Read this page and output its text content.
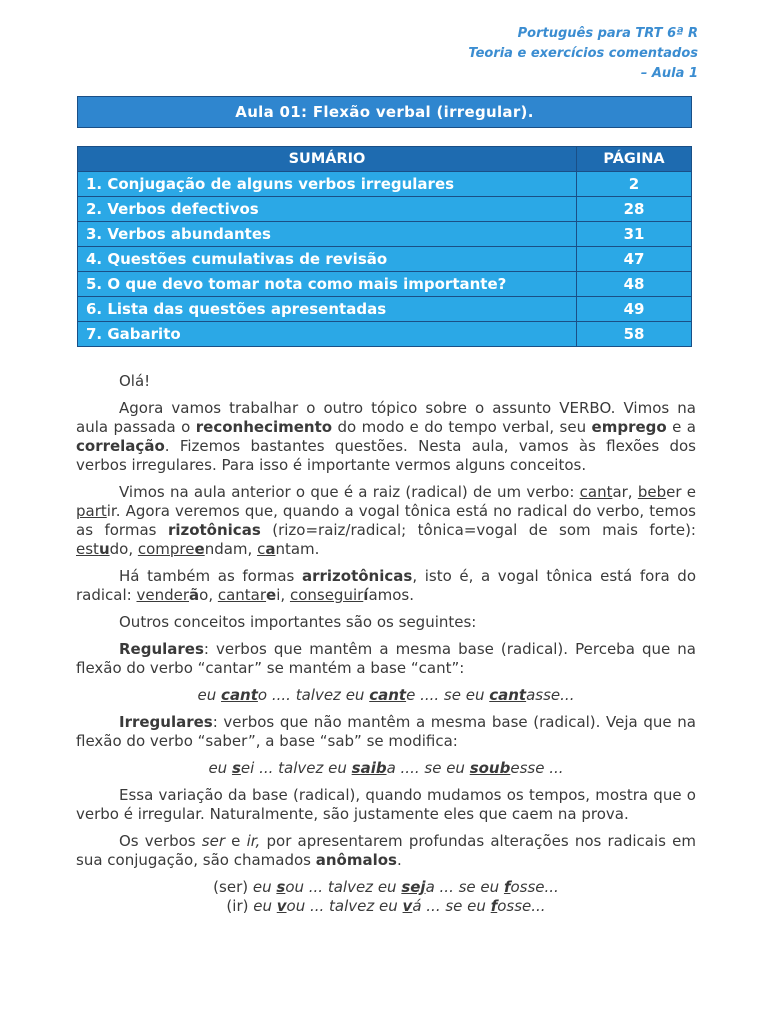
Português para TRT 6ª R
Teoria e exercícios comentados
– Aula 1
Aula 01: Flexão verbal (irregular).
SUMÁRIO	PÁGINA
1. Conjugação de alguns verbos irregulares	2
2. Verbos defectivos	28
3. Verbos abundantes	31
4. Questões cumulativas de revisão	47
5. O que devo tomar nota como mais importante?	48
6. Lista das questões apresentadas	49
7. Gabarito	58

Olá!

Agora vamos trabalhar o outro tópico sobre o assunto VERBO. Vimos na aula passada o reconhecimento do modo e do tempo verbal, seu emprego e a correlação. Fizemos bastantes questões. Nesta aula, vamos às flexões dos verbos irregulares. Para isso é importante vermos alguns conceitos.

Vimos na aula anterior o que é a raiz (radical) de um verbo: cantar, beber e partir. Agora veremos que, quando a vogal tônica está no radical do verbo, temos as formas rizotônicas (rizo=raiz/radical; tônica=vogal de som mais forte): estudo, compreendam, cantam.

Há também as formas arrizotônicas, isto é, a vogal tônica está fora do radical: venderão, cantarei, conseguiríamos.

Outros conceitos importantes são os seguintes:

Regulares: verbos que mantêm a mesma base (radical). Perceba que na flexão do verbo “cantar” se mantém a base “cant”:

eu canto .... talvez eu cante .... se eu cantasse...

Irregulares: verbos que não mantêm a mesma base (radical). Veja que na flexão do verbo “saber”, a base “sab” se modifica:

eu sei ... talvez eu saiba .... se eu soubesse ...

Essa variação da base (radical), quando mudamos os tempos, mostra que o verbo é irregular. Naturalmente, são justamente eles que caem na prova.

Os verbos ser e ir, por apresentarem profundas alterações nos radicais em sua conjugação, são chamados anômalos.

(ser) eu sou ... talvez eu seja ... se eu fosse...

(ir) eu vou ... talvez eu vá ... se eu fosse...
